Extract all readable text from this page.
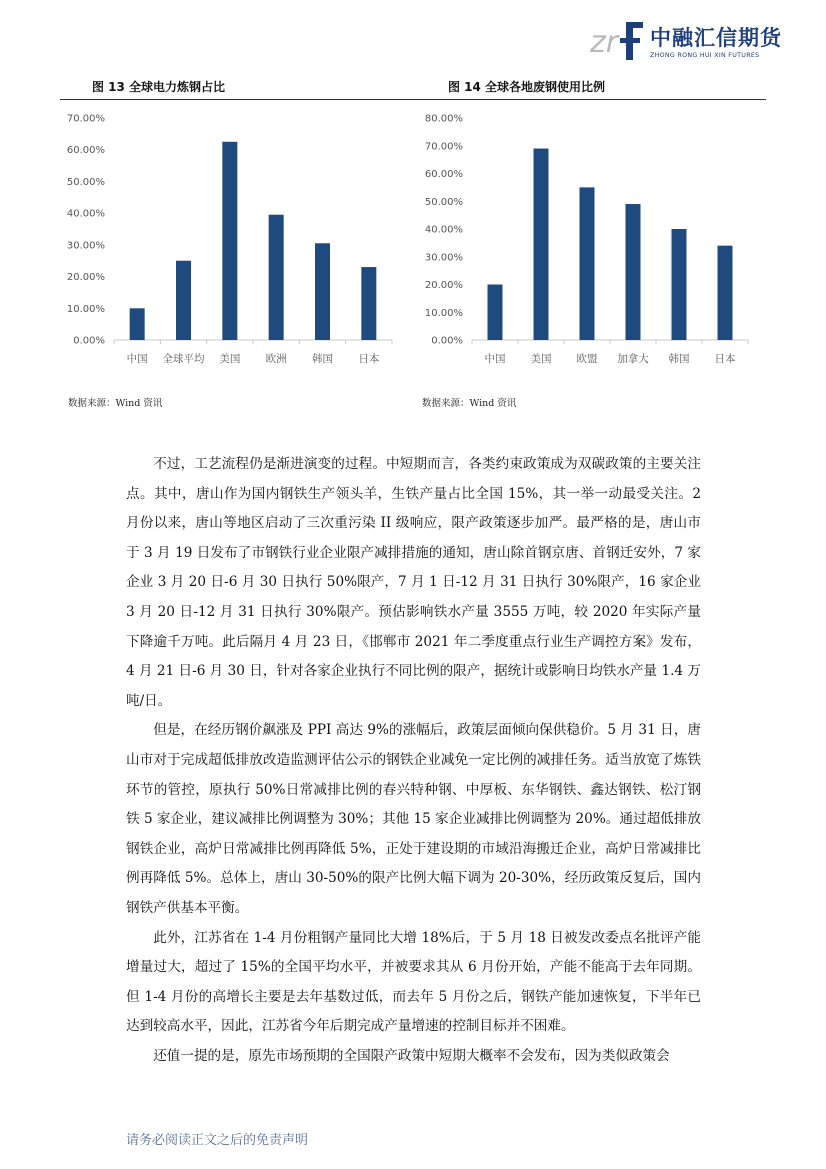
zr 中融汇信期货
ZHONG RONG HUI XIN FUTURES
图 13 全球电力炼钢占比	图 14 全球各地废钢使用比例
0.00%
10.00%
20.00%
30.00%
40.00%
50.00%
60.00%
70.00%
中国 全球平均 美国 欧洲 韩国 日本
0.00%
10.00%
20.00%
30.00%
40.00%
50.00%
60.00%
70.00%
80.00%
中国 美国 欧盟 加拿大 韩国 日本
数据来源：Wind 资讯	数据来源：Wind 资讯

不过，工艺流程仍是渐进演变的过程。中短期而言，各类约束政策成为双碳政策的主要关注点。其中，唐山作为国内钢铁生产领头羊，生铁产量占比全国 15%，其一举一动最受关注。2 月份以来，唐山等地区启动了三次重污染 II 级响应，限产政策逐步加严。最严格的是，唐山市于 3 月 19 日发布了市钢铁行业企业限产减排措施的通知，唐山除首钢京唐、首钢迁安外，7 家企业 3 月 20 日-6 月 30 日执行 50%限产，7 月 1 日-12 月 31 日执行 30%限产，16 家企业 3 月 20 日-12 月 31 日执行 30%限产。预估影响铁水产量 3555 万吨，较 2020 年实际产量下降逾千万吨。此后隔月 4 月 23 日，《邯郸市 2021 年二季度重点行业生产调控方案》发布，4 月 21 日-6 月 30 日，针对各家企业执行不同比例的限产，据统计或影响日均铁水产量 1.4 万吨/日。

但是，在经历钢价飙涨及 PPI 高达 9%的涨幅后，政策层面倾向保供稳价。5 月 31 日，唐山市对于完成超低排放改造监测评估公示的钢铁企业减免一定比例的减排任务。适当放宽了炼铁环节的管控，原执行 50%日常减排比例的春兴特种钢、中厚板、东华钢铁、鑫达钢铁、松汀钢铁 5 家企业，建议减排比例调整为 30%；其他 15 家企业减排比例调整为 20%。通过超低排放钢铁企业，高炉日常减排比例再降低 5%，正处于建设期的市域沿海搬迁企业，高炉日常减排比例再降低 5%。总体上，唐山 30-50%的限产比例大幅下调为 20-30%，经历政策反复后，国内钢铁产供基本平衡。

此外，江苏省在 1-4 月份粗钢产量同比大增 18%后，于 5 月 18 日被发改委点名批评产能增量过大，超过了 15%的全国平均水平，并被要求其从 6 月份开始，产能不能高于去年同期。但 1-4 月份的高增长主要是去年基数过低，而去年 5 月份之后，钢铁产能加速恢复，下半年已达到较高水平，因此，江苏省今年后期完成产量增速的控制目标并不困难。

还值一提的是，原先市场预期的全国限产政策中短期大概率不会发布，因为类似政策会

请务必阅读正文之后的免责声明
